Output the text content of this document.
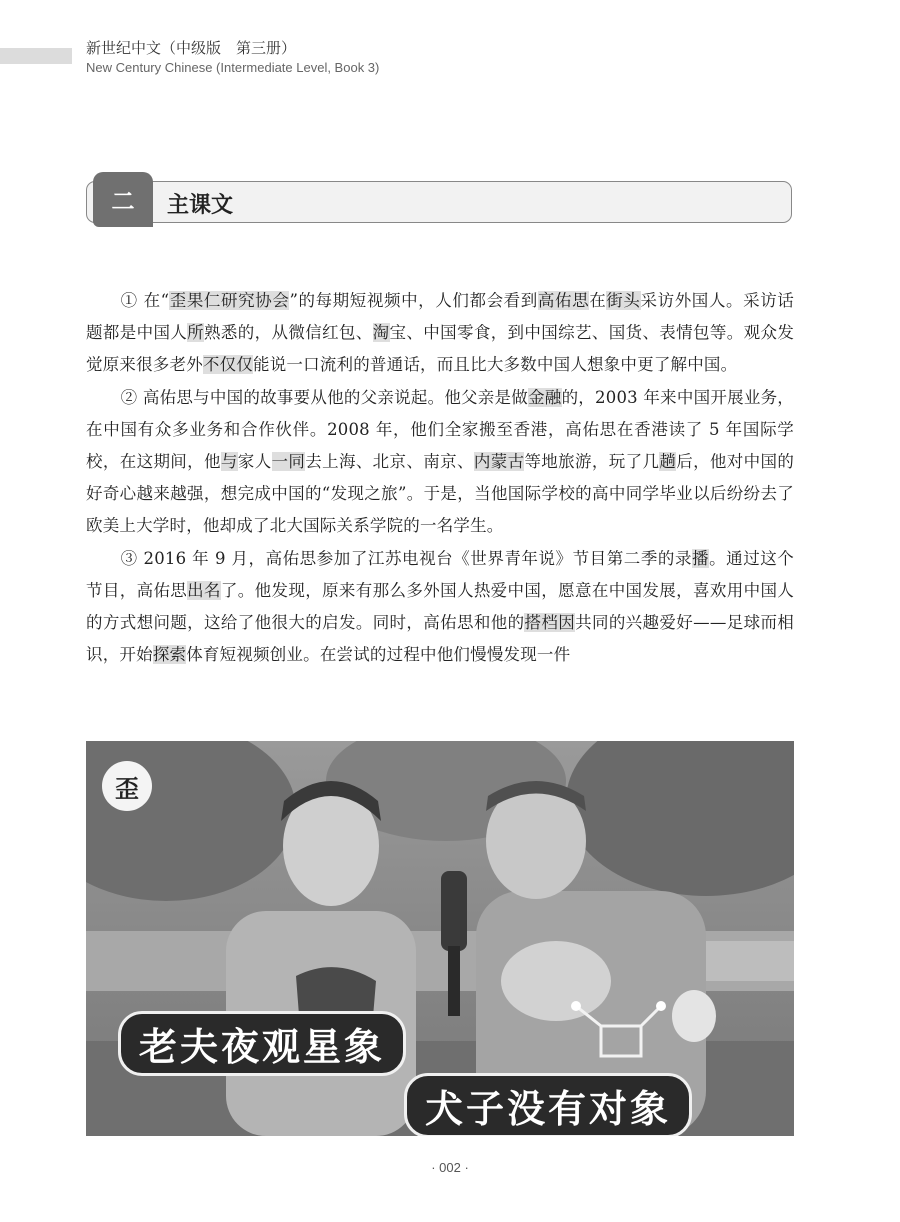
新世纪中文（中级版　第三册）
New Century Chinese (Intermediate Level, Book 3)
二	主课文

① 在“歪果仁研究协会”的每期短视频中，人们都会看到高佑思在街头采访外国人。采访话题都是中国人所熟悉的，从微信红包、淘宝、中国零食，到中国综艺、国货、表情包等。观众发觉原来很多老外不仅仅能说一口流利的普通话，而且比大多数中国人想象中更了解中国。

② 高佑思与中国的故事要从他的父亲说起。他父亲是做金融的，2003 年来中国开展业务，在中国有众多业务和合作伙伴。2008 年，他们全家搬至香港，高佑思在香港读了 5 年国际学校，在这期间，他与家人一同去上海、北京、南京、内蒙古等地旅游，玩了几趟后，他对中国的好奇心越来越强，想完成中国的“发现之旅”。于是，当他国际学校的高中同学毕业以后纷纷去了欧美上大学时，他却成了北大国际关系学院的一名学生。

③ 2016 年 9 月，高佑思参加了江苏电视台《世界青年说》节目第二季的录播。通过这个节目，高佑思出名了。他发现，原来有那么多外国人热爱中国，愿意在中国发展，喜欢用中国人的方式想问题，这给了他很大的启发。同时，高佑思和他的搭档因共同的兴趣爱好——足球而相识，开始探索体育短视频创业。在尝试的过程中他们慢慢发现一件

歪
老夫夜观星象
犬子没有对象
· 002 ·
